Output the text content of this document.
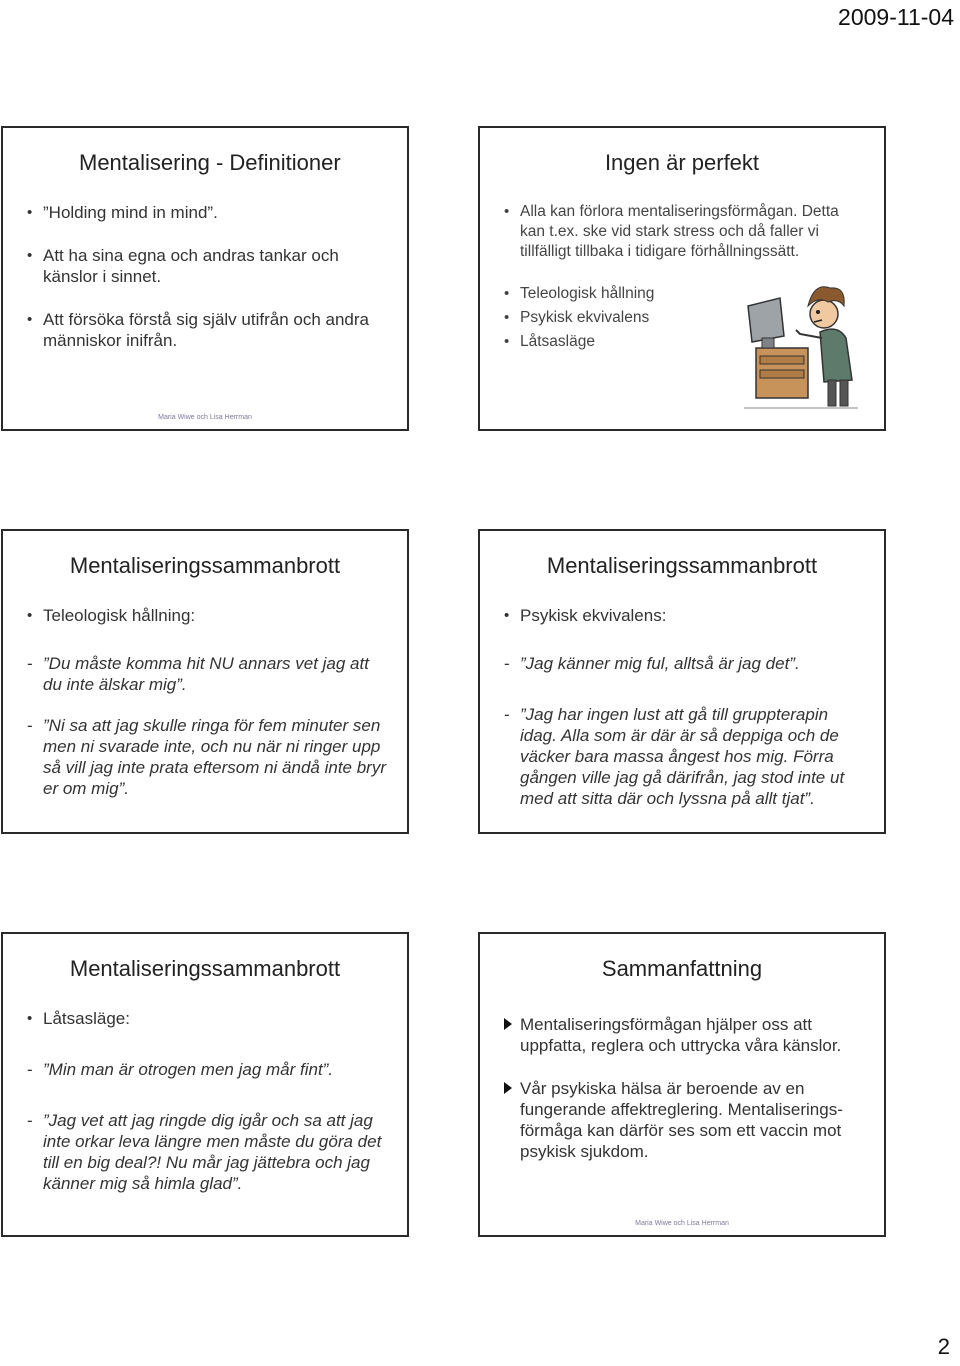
2009-11-04
Mentalisering - Definitioner
• ”Holding mind in mind”.
• Att ha sina egna och andras tankar och känslor i sinnet.
• Att försöka förstå sig själv utifrån och andra människor inifrån.
Maria Wiwe och Lisa Herrman
Ingen är perfekt
• Alla kan förlora mentaliseringsförmågan. Detta kan t.ex. ske vid stark stress och då faller vi tillfälligt tillbaka i tidigare förhållningssätt.
• Teleologisk hållning
• Psykisk ekvivalens
• Låtsasläge
Mentaliseringssammanbrott
• Teleologisk hållning:
- ”Du måste komma hit NU annars vet jag att du inte älskar mig”.
- ”Ni sa att jag skulle ringa för fem minuter sen men ni svarade inte, och nu när ni ringer upp så vill jag inte prata eftersom ni ändå inte bryr er om mig”.
Mentaliseringssammanbrott
• Psykisk ekvivalens:
- ”Jag känner mig ful, alltså är jag det”.
- ”Jag har ingen lust att gå till gruppterapin idag. Alla som är där är så deppiga och de väcker bara massa ångest hos mig. Förra gången ville jag gå därifrån, jag stod inte ut med att sitta där och lyssna på allt tjat”.
Mentaliseringssammanbrott
• Låtsasläge:
- ”Min man är otrogen men jag mår fint”.
- ”Jag vet att jag ringde dig igår och sa att jag inte orkar leva längre men måste du göra det till en big deal?! Nu mår jag jättebra och jag känner mig så himla glad”.
Sammanfattning
Mentaliseringsförmågan hjälper oss att uppfatta, reglera och uttrycka våra känslor.
Vår psykiska hälsa är beroende av en fungerande affektreglering. Mentaliserings-förmåga kan därför ses som ett vaccin mot psykisk sjukdom.
Maria Wiwe och Lisa Herrman
2
